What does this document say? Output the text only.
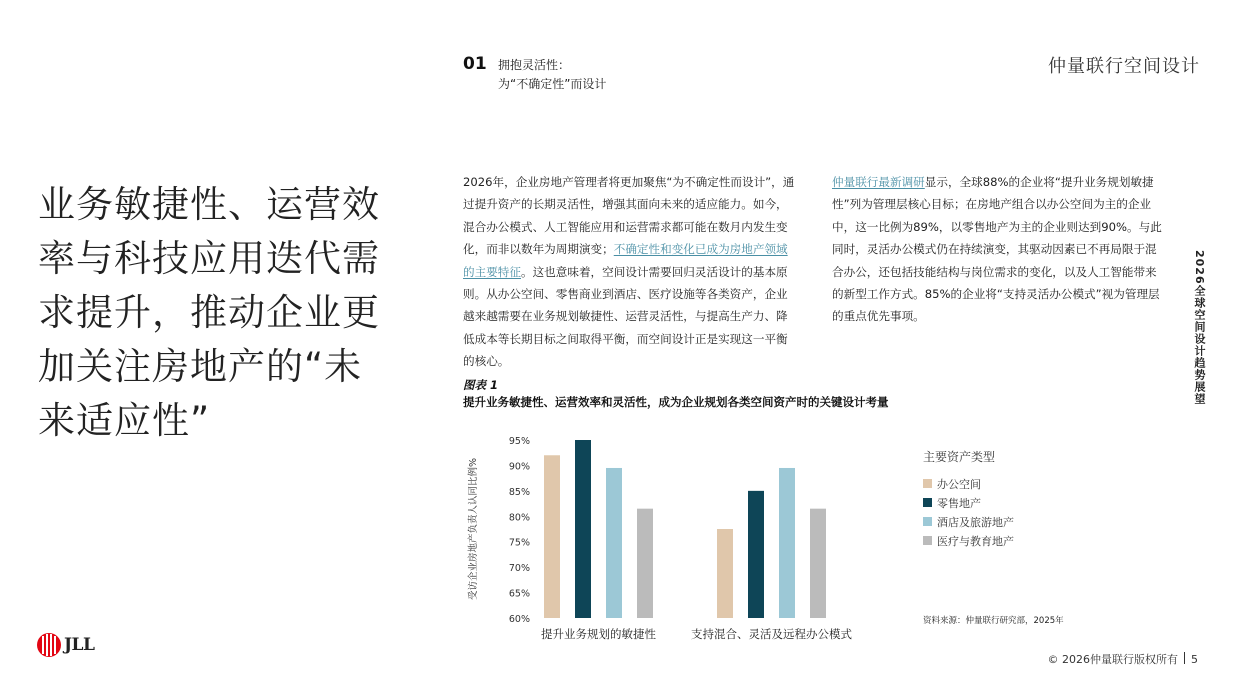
01 拥抱灵活性：
为“不确定性”而设计
仲量联行空间设计
业务敏捷性、运营效率与科技应用迭代需求提升，推动企业更加关注房地产的“未来适应性”
2026年，企业房地产管理者将更加聚焦“为不确定性而设计”，通过提升资产的长期灵活性，增强其面向未来的适应能力。如今，混合办公模式、人工智能应用和运营需求都可能在数月内发生变化，而非以数年为周期演变；不确定性和变化已成为房地产领域的主要特征。这也意味着，空间设计需要回归灵活设计的基本原则。从办公空间、零售商业到酒店、医疗设施等各类资产，企业越来越需要在业务规划敏捷性、运营灵活性，与提高生产力、降低成本等长期目标之间取得平衡，而空间设计正是实现这一平衡的核心。
仲量联行最新调研显示，全球88%的企业将“提升业务规划敏捷性”列为管理层核心目标；在房地产组合以办公空间为主的企业中，这一比例为89%，以零售地产为主的企业则达到90%。与此同时，灵活办公模式仍在持续演变，其驱动因素已不再局限于混合办公，还包括技能结构与岗位需求的变化，以及人工智能带来的新型工作方式。85%的企业将“支持灵活办公模式”视为管理层的重点优先事项。	2026全球空间设计趋势展望
图表 1
提升业务敏捷性、运营效率和灵活性，成为企业规划各类空间资产时的关键设计考量
95%
90%
85%
80%
75%
70%
65%
60%
受访企业房地产负责人认同比例%
提升业务规划的敏捷性	支持混合、灵活及远程办公模式
主要资产类型
办公空间
零售地产
酒店及旅游地产
医疗与教育地产
资料来源：仲量联行研究部，2025年
JLL
© 2026仲量联行版权所有 5
